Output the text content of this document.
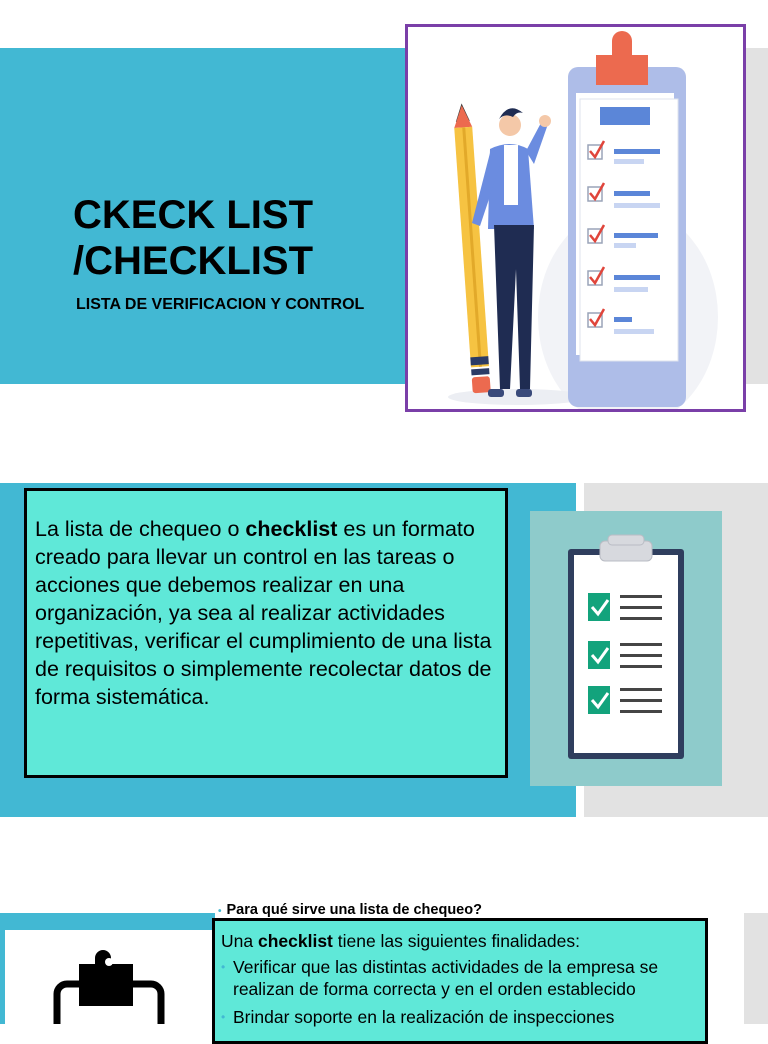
CKECK LIST
/CHECKLIST
LISTA DE VERIFICACION Y CONTROL

La lista de chequeo o checklist es un formato creado para llevar un control en las tareas o acciones que debemos realizar en una organización, ya sea al realizar actividades repetitivas, verificar el cumplimiento de una lista de requisitos o simplemente recolectar datos de forma sistemática.

• Para qué sirve una lista de chequeo?

Una checklist tiene las siguientes finalidades:

• Verificar que las distintas actividades de la empresa se realizan de forma correcta y en el orden establecido
• Brindar soporte en la realización de inspecciones
